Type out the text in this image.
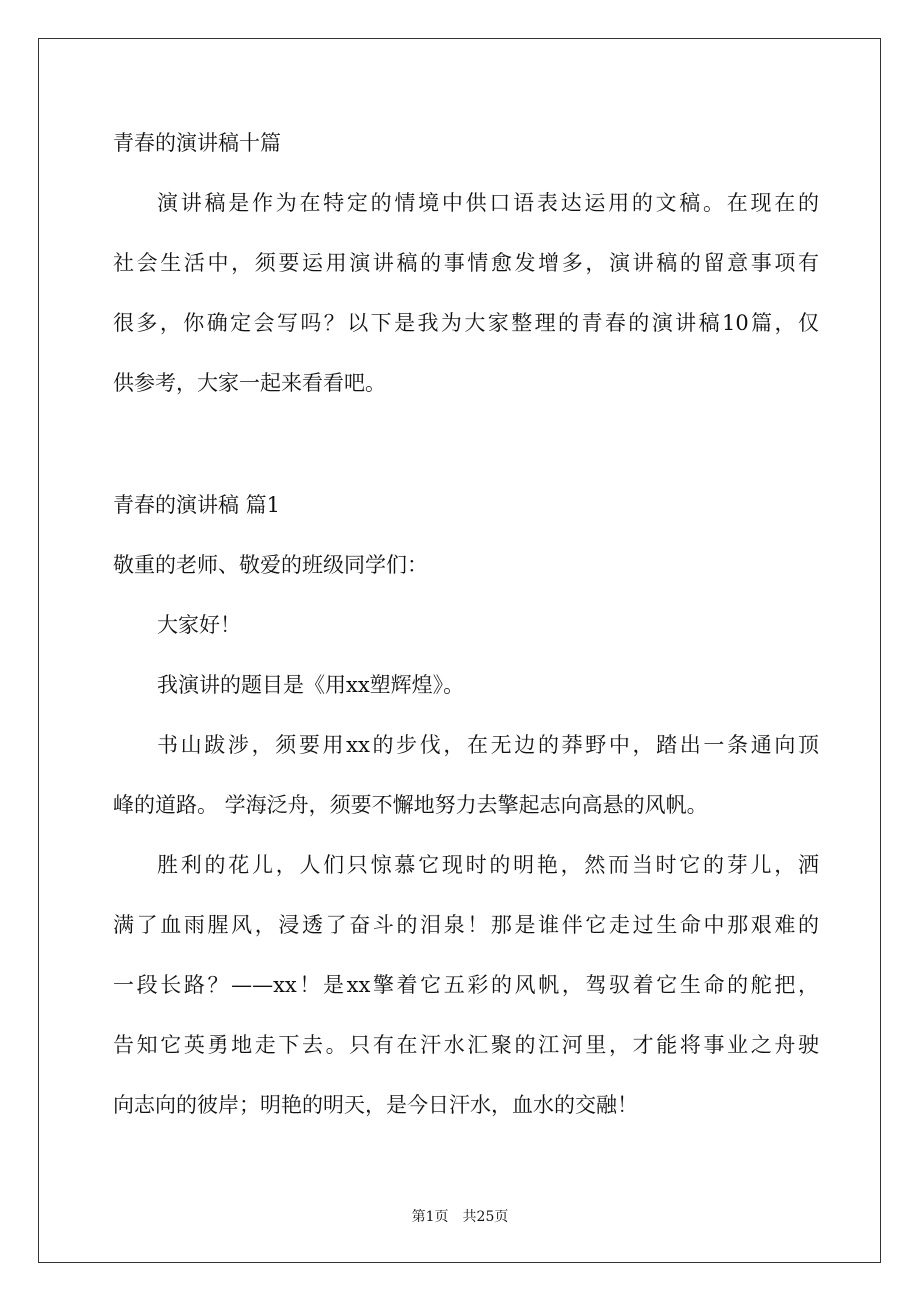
青春的演讲稿十篇
演讲稿是作为在特定的情境中供口语表达运用的文稿。在现在的
社会生活中，须要运用演讲稿的事情愈发增多，演讲稿的留意事项有
很多，你确定会写吗？以下是我为大家整理的青春的演讲稿10篇，仅
供参考，大家一起来看看吧。
青春的演讲稿 篇1
敬重的老师、敬爱的班级同学们：
大家好！
我演讲的题目是《用xx塑辉煌》。
书山跋涉，须要用xx的步伐，在无边的莽野中，踏出一条通向顶
峰的道路。 学海泛舟，须要不懈地努力去擎起志向高悬的风帆。
胜利的花儿，人们只惊慕它现时的明艳，然而当时它的芽儿，洒
满了血雨腥风，浸透了奋斗的泪泉！那是谁伴它走过生命中那艰难的
一段长路？——xx！是xx擎着它五彩的风帆，驾驭着它生命的舵把，
告知它英勇地走下去。只有在汗水汇聚的江河里，才能将事业之舟驶
向志向的彼岸；明艳的明天，是今日汗水，血水的交融！
第1页　共25页
